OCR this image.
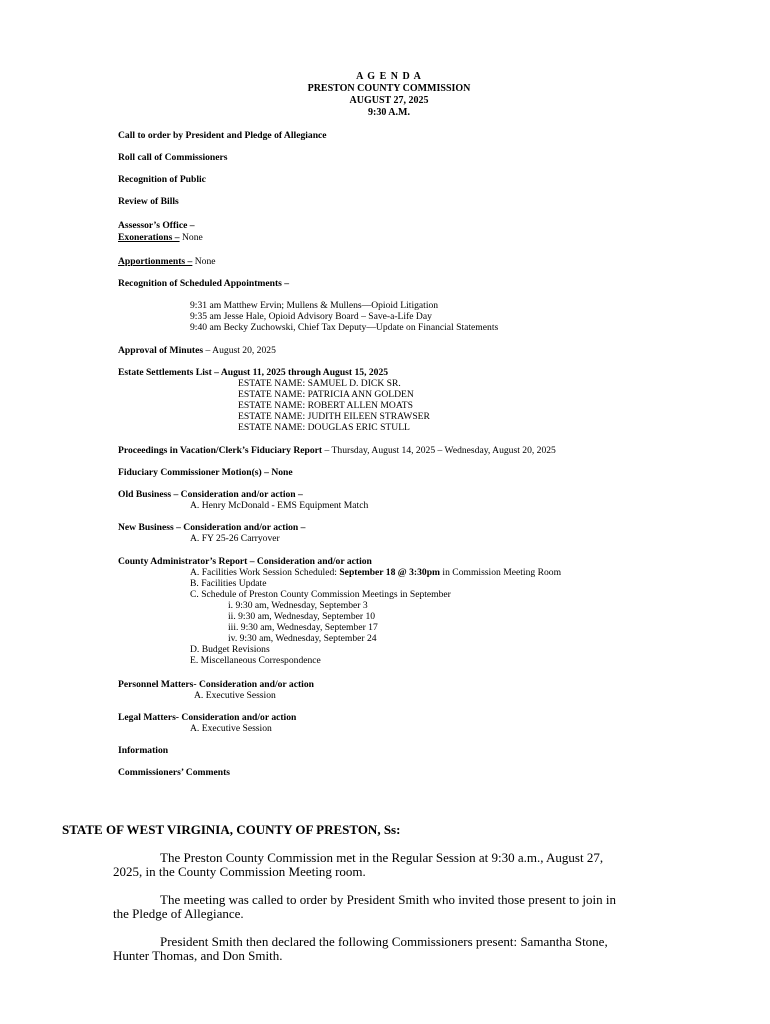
A G E N D A
PRESTON COUNTY COMMISSION
AUGUST 27, 2025
9:30 A.M.
Call to order by President and Pledge of Allegiance
Roll call of Commissioners
Recognition of Public
Review of Bills
Assessor’s Office –
Exonerations – None
Apportionments – None
Recognition of Scheduled Appointments –
9:31 am Matthew Ervin; Mullens & Mullens—Opioid Litigation
9:35 am Jesse Hale, Opioid Advisory Board – Save-a-Life Day
9:40 am Becky Zuchowski, Chief Tax Deputy—Update on Financial Statements
Approval of Minutes – August 20, 2025
Estate Settlements List – August 11, 2025 through August 15, 2025
ESTATE NAME: SAMUEL D. DICK SR.
ESTATE NAME: PATRICIA ANN GOLDEN
ESTATE NAME: ROBERT ALLEN MOATS
ESTATE NAME: JUDITH EILEEN STRAWSER
ESTATE NAME: DOUGLAS ERIC STULL
Proceedings in Vacation/Clerk’s Fiduciary Report – Thursday, August 14, 2025 – Wednesday, August 20, 2025
Fiduciary Commissioner Motion(s) – None
Old Business – Consideration and/or action –
A. Henry McDonald - EMS Equipment Match
New Business – Consideration and/or action –
A. FY 25-26 Carryover
County Administrator’s Report – Consideration and/or action
A. Facilities Work Session Scheduled: September 18 @ 3:30pm in Commission Meeting Room
B. Facilities Update
C. Schedule of Preston County Commission Meetings in September
i. 9:30 am, Wednesday, September 3
ii. 9:30 am, Wednesday, September 10
iii. 9:30 am, Wednesday, September 17
iv. 9:30 am, Wednesday, September 24
D. Budget Revisions
E. Miscellaneous Correspondence
Personnel Matters- Consideration and/or action
A. Executive Session
Legal Matters- Consideration and/or action
A. Executive Session
Information
Commissioners’ Comments
STATE OF WEST VIRGINIA, COUNTY OF PRESTON, Ss:
The Preston County Commission met in the Regular Session at 9:30 a.m., August 27,
2025, in the County Commission Meeting room.
The meeting was called to order by President Smith who invited those present to join in
the Pledge of Allegiance.
President Smith then declared the following Commissioners present: Samantha Stone,
Hunter Thomas, and Don Smith.
